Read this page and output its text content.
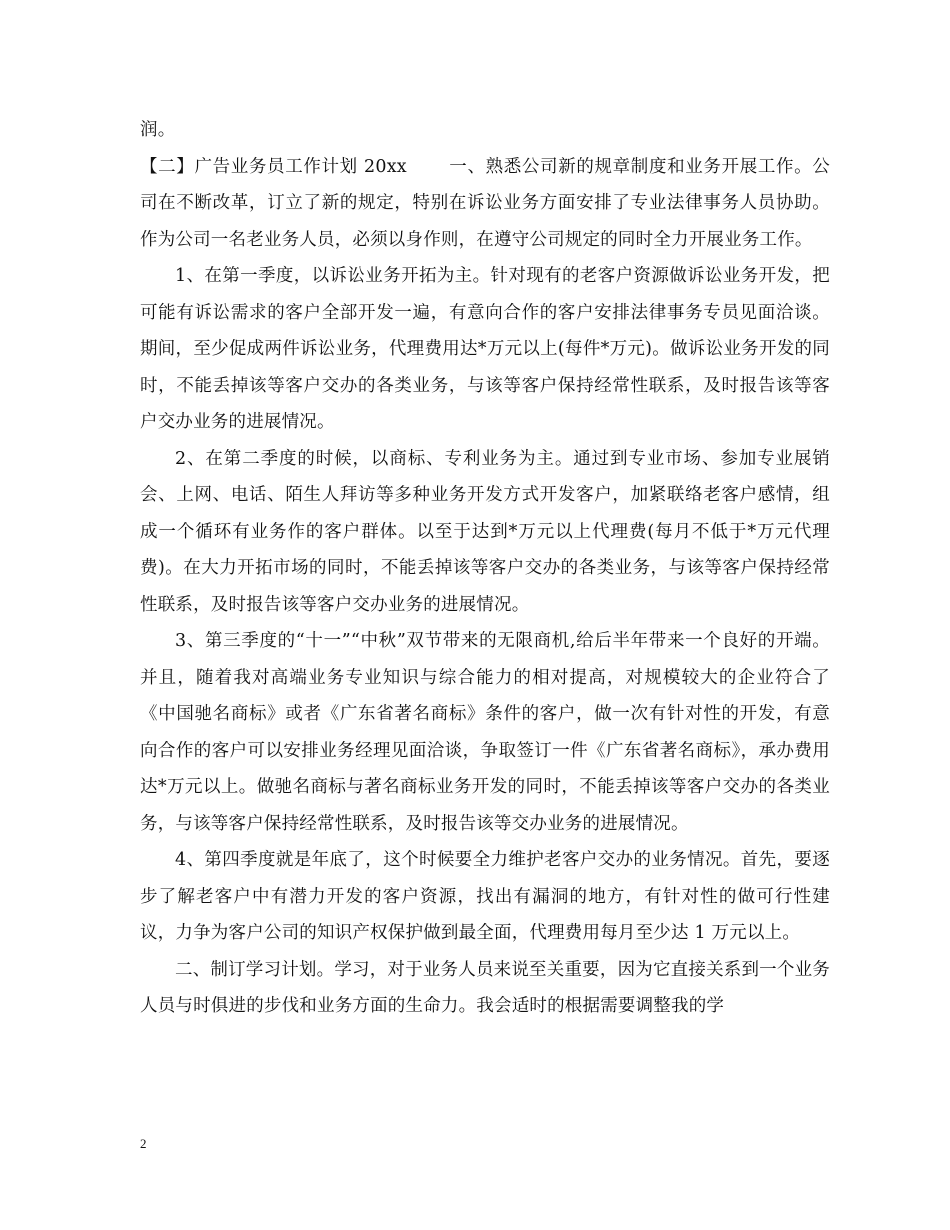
润。

【二】广告业务员工作计划 20xx 一、熟悉公司新的规章制度和业务开展工作。公司在不断改革，订立了新的规定，特别在诉讼业务方面安排了专业法律事务人员协助。作为公司一名老业务人员，必须以身作则，在遵守公司规定的同时全力开展业务工作。

1、在第一季度，以诉讼业务开拓为主。针对现有的老客户资源做诉讼业务开发，把可能有诉讼需求的客户全部开发一遍，有意向合作的客户安排法律事务专员见面洽谈。期间，至少促成两件诉讼业务，代理费用达*万元以上(每件*万元)。做诉讼业务开发的同时，不能丢掉该等客户交办的各类业务，与该等客户保持经常性联系，及时报告该等客户交办业务的进展情况。

2、在第二季度的时候，以商标、专利业务为主。通过到专业市场、参加专业展销会、上网、电话、陌生人拜访等多种业务开发方式开发客户，加紧联络老客户感情，组成一个循环有业务作的客户群体。以至于达到*万元以上代理费(每月不低于*万元代理费)。在大力开拓市场的同时，不能丢掉该等客户交办的各类业务，与该等客户保持经常性联系，及时报告该等客户交办业务的进展情况。

3、第三季度的“十一”“中秋”双节带来的无限商机,给后半年带来一个良好的开端。并且，随着我对高端业务专业知识与综合能力的相对提高，对规模较大的企业符合了《中国驰名商标》或者《广东省著名商标》条件的客户，做一次有针对性的开发，有意向合作的客户可以安排业务经理见面洽谈，争取签订一件《广东省著名商标》，承办费用达*万元以上。做驰名商标与著名商标业务开发的同时，不能丢掉该等客户交办的各类业务，与该等客户保持经常性联系，及时报告该等交办业务的进展情况。

4、第四季度就是年底了，这个时候要全力维护老客户交办的业务情况。首先，要逐步了解老客户中有潜力开发的客户资源，找出有漏洞的地方，有针对性的做可行性建议，力争为客户公司的知识产权保护做到最全面，代理费用每月至少达 1 万元以上。

二、制订学习计划。学习，对于业务人员来说至关重要，因为它直接关系到一个业务人员与时俱进的步伐和业务方面的生命力。我会适时的根据需要调整我的学

2
